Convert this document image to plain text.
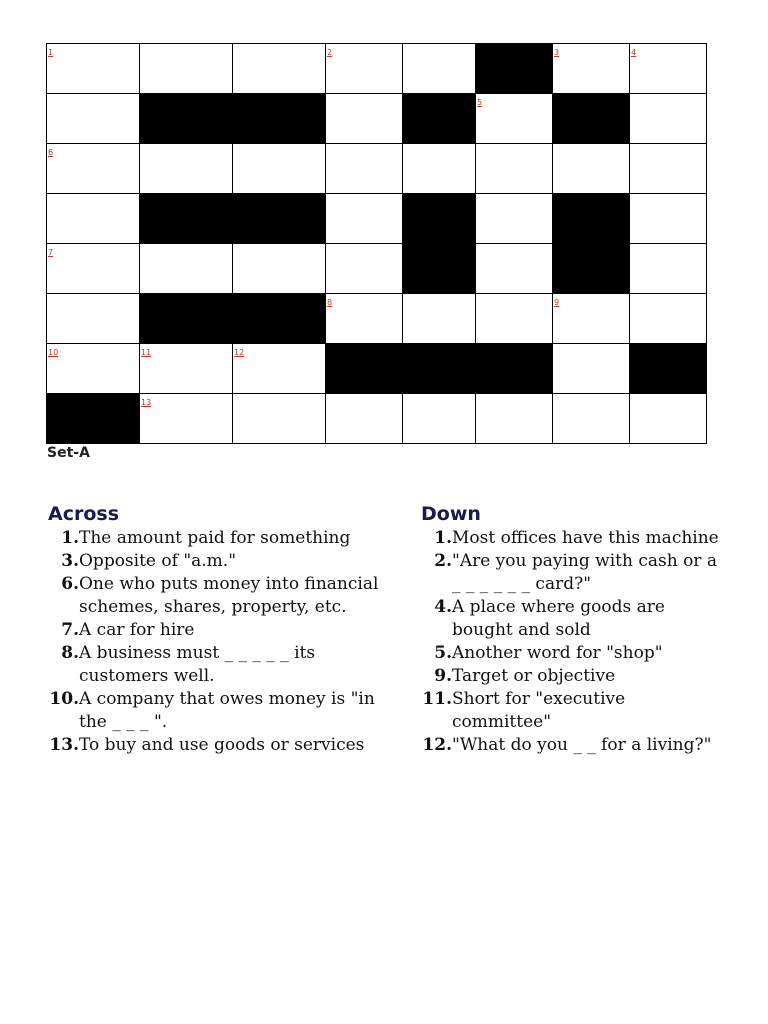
1			2			3	4

					5		

6							

7							

			8			9	

10	11	12					

	13						

Set-A
Across
1. The amount paid for something
3. Opposite of "a.m."
6. One who puts money into financial schemes, shares, property, etc.
7. A car for hire
8. A business must _ _ _ _ _ its customers well.
10. A company that owes money is "in the _ _ _ ".
13. To buy and use goods or services
Down
1. Most offices have this machine
2. "Are you paying with cash or a _ _ _ _ _ _ card?"
4. A place where goods are bought and sold
5. Another word for "shop"
9. Target or objective
11. Short for "executive committee"
12. "What do you _ _ for a living?"
